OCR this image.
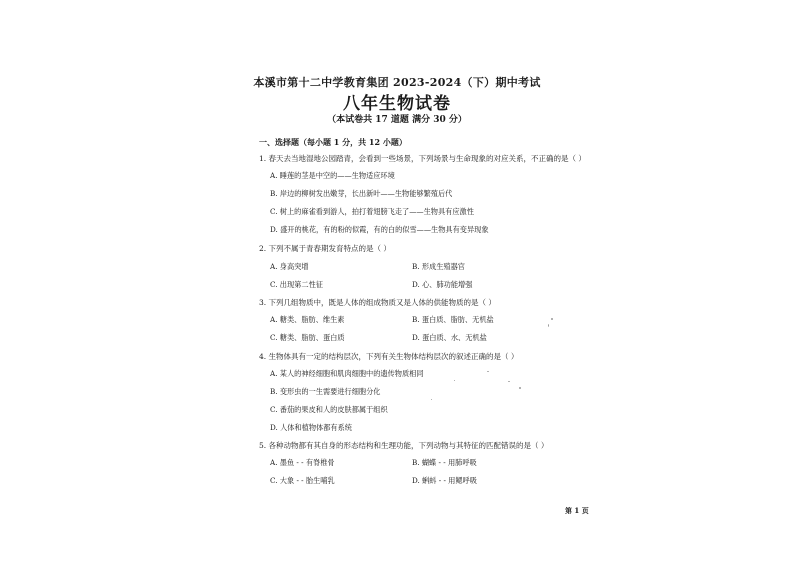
本溪市第十二中学教育集团 2023-2024（下）期中考试
八年生物试卷
（本试卷共 17 道题 满分 30 分）
一、选择题（每小题 1 分，共 12 小题）
1. 春天去当地湿地公园踏青，会看到一些场景，下列场景与生命现象的对应关系，不正确的是（ ）
A. 睡莲的茎是中空的——生物适应环境
B. 岸边的柳树发出嫩芽，长出新叶——生物能够繁殖后代
C. 树上的麻雀看到游人，拍打着翅膀飞走了——生物具有应激性
D. 盛开的桃花，有的粉的似霞，有的白的似雪——生物具有变异现象
2. 下列不属于青春期发育特点的是（ ）
A. 身高突增	B. 形成生殖器官
C. 出现第二性征	D. 心、肺功能增强
3. 下列几组物质中，既是人体的组成物质又是人体的供能物质的是（ ）
A. 糖类、脂肪、维生素	B. 蛋白质、脂肪、无机盐
C. 糖类、脂肪、蛋白质	D. 蛋白质、水、无机盐
4. 生物体具有一定的结构层次，下列有关生物体结构层次的叙述正确的是（ ）
A. 某人的神经细胞和肌肉细胞中的遗传物质相同
B. 变形虫的一生需要进行细胞分化
C. 番茄的果皮和人的皮肤都属于组织
D. 人体和植物体都有系统
5. 各种动物都有其自身的形态结构和生理功能，下列动物与其特征的匹配错误的是（ ）
A. 墨鱼 - - 有脊椎骨	B. 蝴蝶 - - 用肺呼吸
C. 大象 - - 胎生哺乳	D. 蝌蚪 - - 用鳃呼吸
第 1 页
